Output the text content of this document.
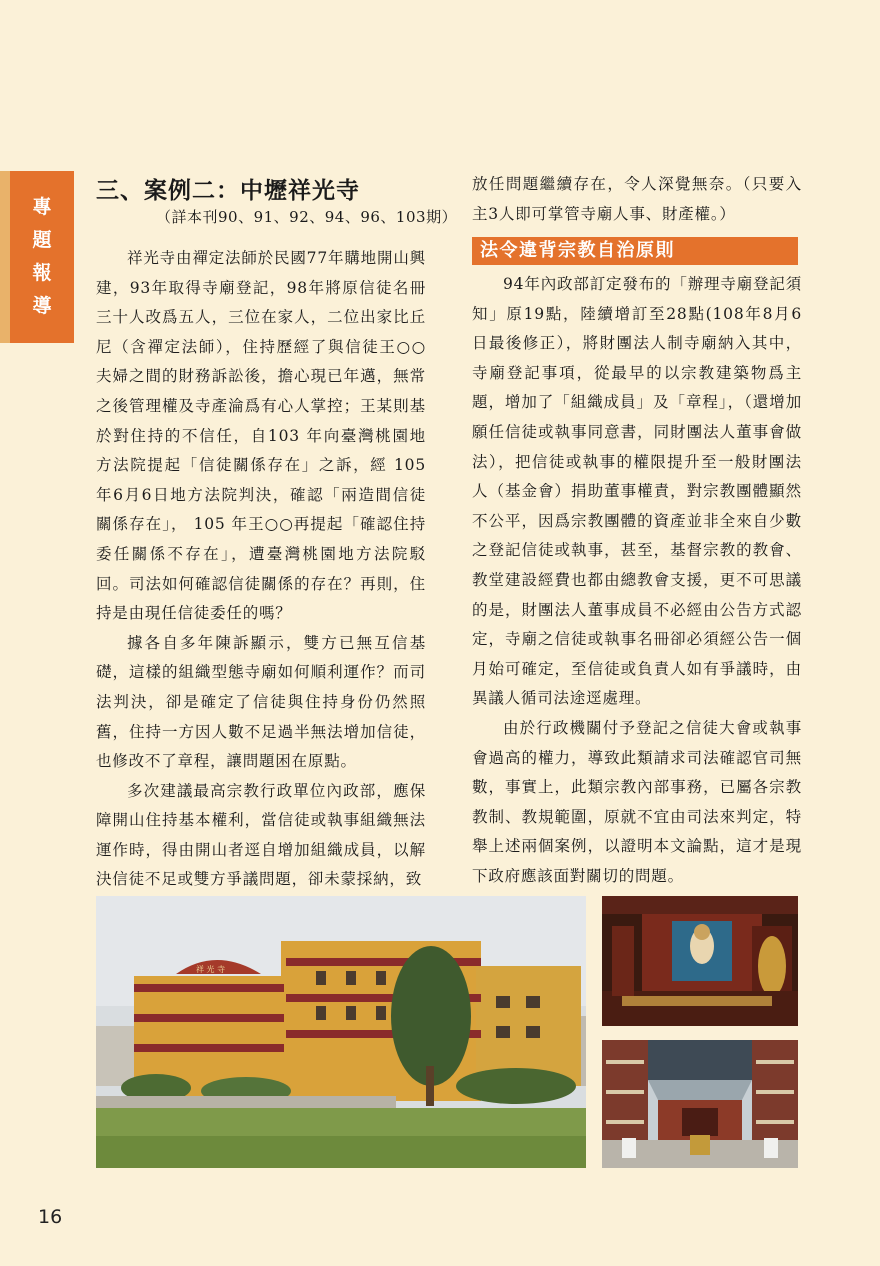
專
題
報
導
三、案例二：中壢祥光寺
（詳本刊90、91、92、94、96、103期）

祥光寺由禪定法師於民國77年購地開山興建，93年取得寺廟登記，98年將原信徒名冊三十人改爲五人，三位在家人，二位出家比丘尼（含禪定法師），住持歷經了與信徒王○○夫婦之間的財務訴訟後，擔心現已年邁，無常之後管理權及寺產淪爲有心人掌控；王某則基於對住持的不信任，自103 年向臺灣桃園地方法院提起「信徒關係存在」之訴，經 105 年6月6日地方法院判決，確認「兩造間信徒關係存在」， 105 年王○○再提起「確認住持委任關係不存在」，遭臺灣桃園地方法院駁回。司法如何確認信徒關係的存在？再則，住持是由現任信徒委任的嗎？

據各自多年陳訴顯示，雙方已無互信基礎，這樣的組織型態寺廟如何順利運作？而司法判決，卻是確定了信徒與住持身份仍然照舊，住持一方因人數不足過半無法增加信徒，也修改不了章程，讓問題困在原點。

多次建議最高宗教行政單位內政部，應保障開山住持基本權利，當信徒或執事組織無法運作時，得由開山者逕自增加組織成員，以解決信徒不足或雙方爭議問題，卻未蒙採納，致

放任問題繼續存在，令人深覺無奈。（只要入主3人即可掌管寺廟人事、財產權。）

法令違背宗教自治原則

94年內政部訂定發布的「辦理寺廟登記須知」原19點，陸續增訂至28點(108年8月6日最後修正），將財團法人制寺廟納入其中，寺廟登記事項，從最早的以宗教建築物爲主題，增加了「組織成員」及「章程」，（還增加願任信徒或執事同意書，同財團法人董事會做法），把信徒或執事的權限提升至一般財團法人（基金會）捐助董事權責，對宗教團體顯然不公平，因爲宗教團體的資產並非全來自少數之登記信徒或執事，甚至，基督宗教的教會、教堂建設經費也都由總教會支援，更不可思議的是，財團法人董事成員不必經由公告方式認定，寺廟之信徒或執事名冊卻必須經公告一個月始可確定，至信徒或負責人如有爭議時，由異議人循司法途逕處理。

由於行政機關付予登記之信徒大會或執事會過高的權力，導致此類請求司法確認官司無數，事實上，此類宗教內部事務，已屬各宗教教制、教規範圍，原就不宜由司法來判定，特舉上述兩個案例，以證明本文論點，這才是現下政府應該面對關切的問題。

祥 光 寺
16
